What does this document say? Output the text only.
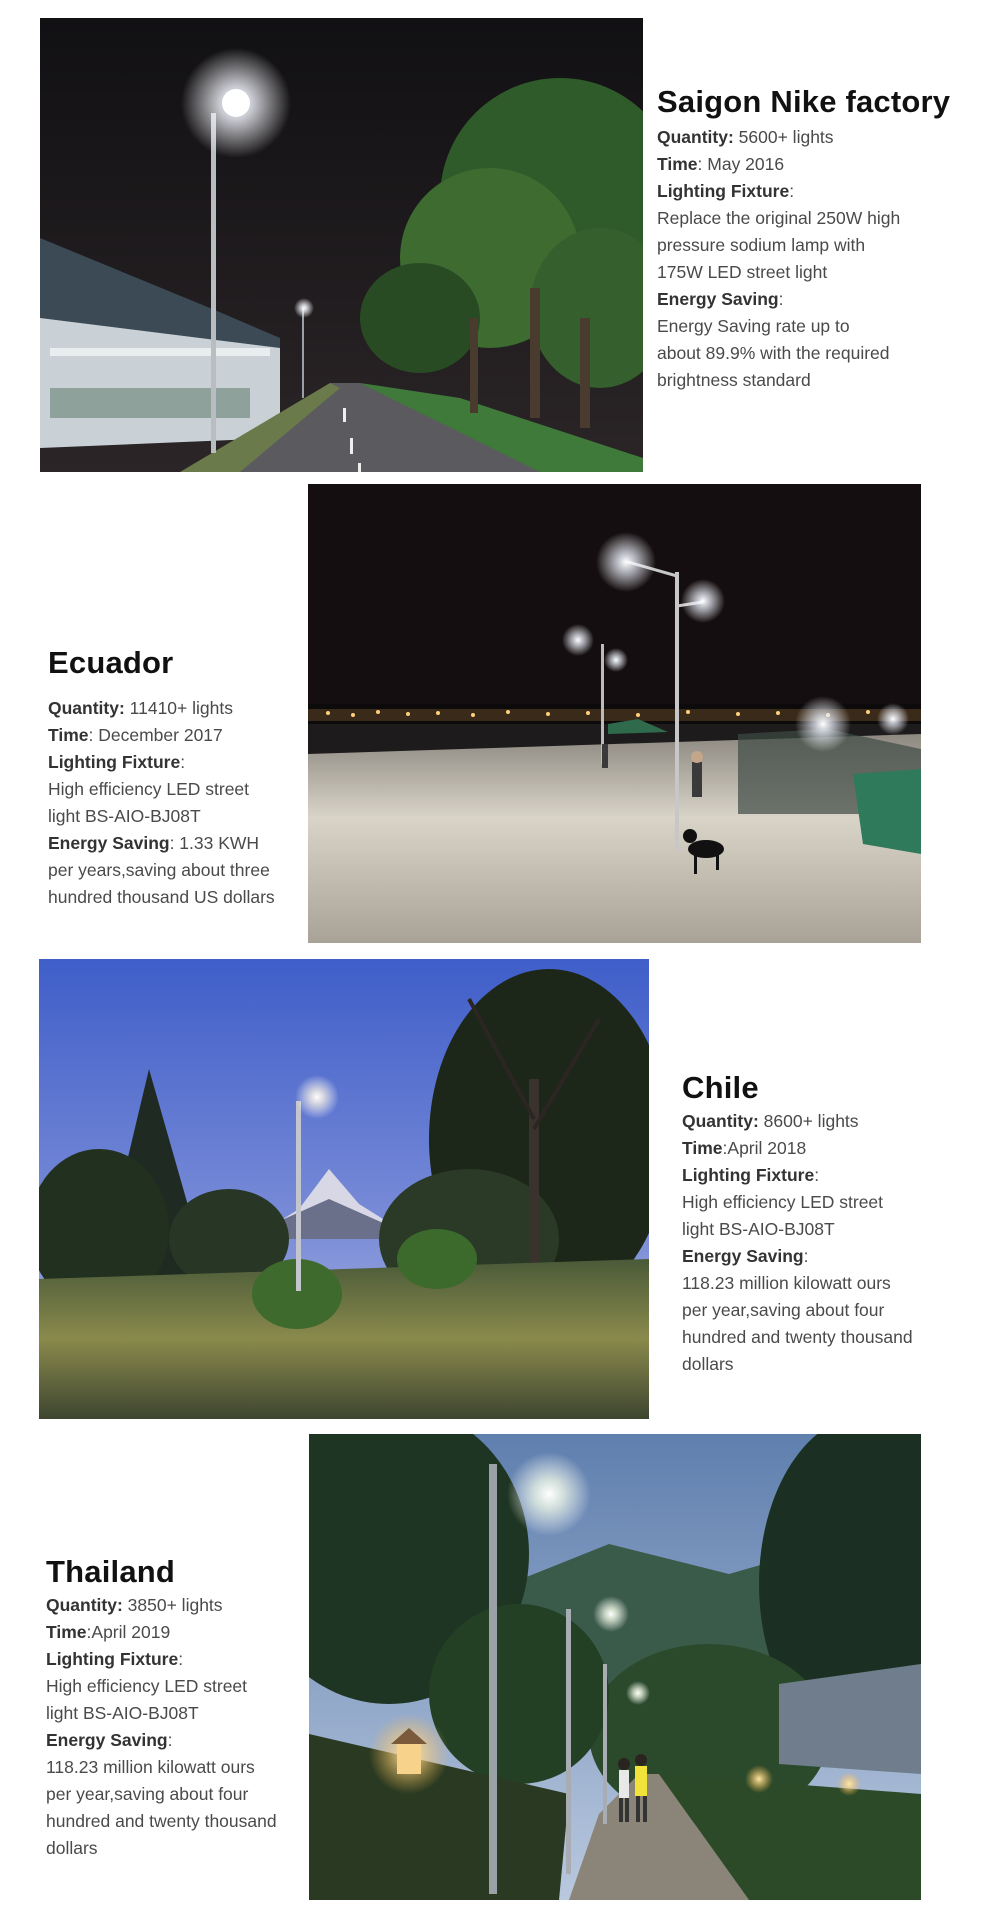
Saigon Nike factory

Quantity: 5600+ lights

Time: May 2016

Lighting Fixture:

Replace the original 250W high

pressure sodium lamp with

175W LED street light

Energy Saving:

Energy Saving rate up to

about 89.9% with the required

brightness standard

Ecuador

Quantity: 11410+ lights

Time: December 2017

Lighting Fixture:

High efficiency LED street

light BS-AIO-BJ08T

Energy Saving: 1.33 KWH

per years,saving about three

hundred thousand US dollars

Chile

Quantity: 8600+ lights

Time:April 2018

Lighting Fixture:

High efficiency LED street

light BS-AIO-BJ08T

Energy Saving:

118.23 million kilowatt ours

per year,saving about four

hundred and twenty thousand

dollars

Thailand

Quantity: 3850+ lights

Time:April 2019

Lighting Fixture:

High efficiency LED street

light BS-AIO-BJ08T

Energy Saving:

118.23 million kilowatt ours

per year,saving about four

hundred and twenty thousand

dollars
